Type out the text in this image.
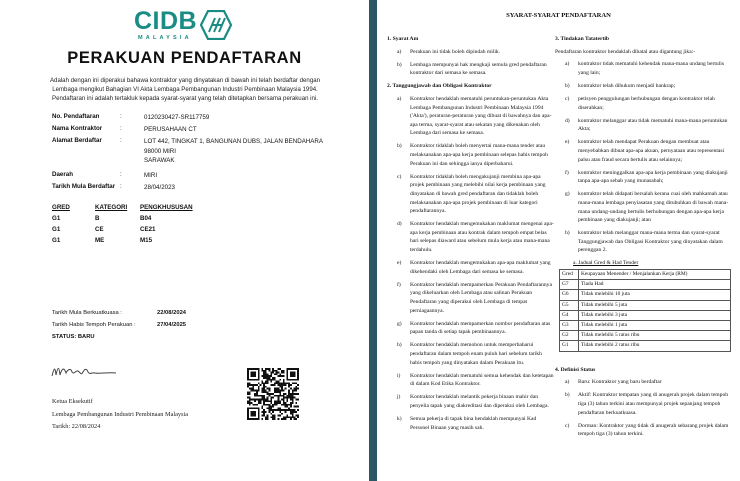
CIDB
MALAYSIA
PERAKUAN PENDAFTARAN
Adalah dengan ini diperakui bahawa kontraktor yang dinyatakan di bawah ini telah berdaftar dengan Lembaga mengikut Bahagian VI Akta Lembaga Pembangunan Industri Pembinaan Malaysia 1994. Pendaftaran ini adalah tertakluk kepada syarat-syarat yang telah ditetapkan bersama perakuan ini.
No. Pendaftaran	:	0120230427-SR117759
Nama Kontraktor	:	PERUSAHAAN CT
Alamat Berdaftar	:	LOT 442, TINGKAT 1, BANGUNAN DUBS, JALAN BENDAHARA
98000 MIRI
SARAWAK
Daerah	:	MIRI
Tarikh Mula Berdaftar :	28/04/2023
GRED	KATEGORI PENGKHUSUSAN
G1	B	B04
G1	CE	CE21
G1	ME	M15
Tarikh Mula Berkuatkuasa :	22/08/2024
Tarikh Habis Tempoh Perakuan :	27/04/2025
STATUS: BARU
Ketua Eksekutif
Lembaga Pembangunan Industri Pembinaan Malaysia
Tarikh: 22/08/2024
SYARAT-SYARAT PENDAFTARAN
1. Syarat Am
a) Perakuan ini tidak boleh dipindah milik.
b) Lembaga mempunyai hak mengkaji semula gred pendaftaran kontraktor dari semasa ke semasa.
2. Tanggungjawab dan Obligasi Kontraktor
a) Kontraktor hendaklah mematuhi peruntukan-peruntukan Akta Lembaga Pembangunan Industri Pembinaan Malaysia 1994 ('Akta'), peraturan-peraturan yang dibuat di bawahnya dan apa-apa terma, syarat-syarat atau sekatan yang dikenakan oleh Lembaga dari semasa ke semasa.
b) Kontraktor tidaklah boleh menyertai mana-mana tender atau melaksanakan apa-apa kerja pembinaan selepas habis tempoh Perakuan ini dan sehingga ianya diperbaharui.
c) Kontraktor tidaklah boleh mengakujanji membina apa-apa projek pembinaan yang melebihi nilai kerja pembinaan yang dinyatakan di bawah gred pendaftaran dan tidaklah boleh melaksanakan apa-apa projek pembinaan di luar kategori pendaftarannya.
d) Kontraktor hendaklah mengemukakan maklumat mengenai apa-apa kerja pembinaan atau kontrak dalam tempoh empat belas hari selepas diaward atau sebelum mula kerja atau mana-mana terdahulu.
e) Kontraktor hendaklah mengemukakan apa-apa maklumat yang dikehendaki oleh Lembaga dari semasa ke semasa.
f) Kontraktor hendaklah mempamerkan Perakuan Pendaftarannya yang dikeluarkan oleh Lembaga atau salinan Perakuan Pendaftaran yang diperakui oleh Lembaga di tempat perniagaannya.
g) Kontraktor hendaklah mempamerkan nombor pendaftaran atas papan tanda di setiap tapak pembinaannya.
h) Kontraktor hendaklah memohon untuk memperbaharui pendaftaran dalam tempoh enam puluh hari sebelum tarikh habis tempoh yang dinyatakan dalam Perakuan itu.
i) Kontraktor hendaklah mematuhi semua kehendak dan ketetapan di dalam Kod Etika Kontraktor.
j) Kontraktor hendaklah melantik pekerja binaan mahir dan penyelia tapak yang diakreditasi dan diperakui oleh Lembaga.
k) Semua pekerja di tapak bina hendaklah mempunyai Kad Personel Binaan yang masih sah.
3. Tindakan Tatatertib
Pendaftaran kontraktor hendaklah dibatal atau digantung jika:-
a) kontraktor tidak mematuhi kehendak mana-mana undang bertulis yang lain;
b) kontraktor telah dihukum menjadi bankrap;
c) petisyen penggulungan berhubungan dengan kontraktor telah diserahkan;
d) kontraktor melanggar atau tidak mematuhi mana-mana peruntukan Akta;
e) kontraktor telah mendapat Perakuan dengan membuat atau menyebabkan dibuat apa-apa akuan, pernyataan atau representasi palsu atau fraud secara bertulis atau selainnya;
f) kontraktor meninggalkan apa-apa kerja pembinaan yang diakujanji tanpa apa-apa sebab yang munasabah;
g) kontraktor telah didapati bersalah kerana cuai oleh mahkamah atau mana-mana lembaga penyiasatan yang ditubuhkan di bawah mana-mana undang-undang bertulis berhubungan dengan apa-apa kerja pembinaan yang diakujanji; atau
h) kontraktor telah melanggar mana-mana terma dan syarat-syarat Tanggungjawab dan Obligasi Kontraktor yang dinyatakan dalam perenggan 2.
a. Jadual Gred & Had Tender
Gred	Keupayaan Menender / Menjalankan Kerja (RM)
G7	Tiada Had
G6	Tidak melebihi 10 juta
G5	Tidak melebihi 5 juta
G4	Tidak melebihi 3 juta
G3	Tidak melebihi 1 juta
G2	Tidak melebihi 5 ratus ribu
G1	Tidak melebihi 2 ratus ribu
4. Definisi Status
a) Baru: Kontraktor yang baru berdaftar
b) Aktif: Kontraktor tempatan yang di anugerah projek dalam tempoh tiga (3) tahun terkini atau mempunyai projek sepanjang tempoh pendaftaran berkuatkuasa.
c) Dorman: Kontraktor yang tidak di anugerah sebarang projek dalam tempoh tiga (3) tahun terkini.
